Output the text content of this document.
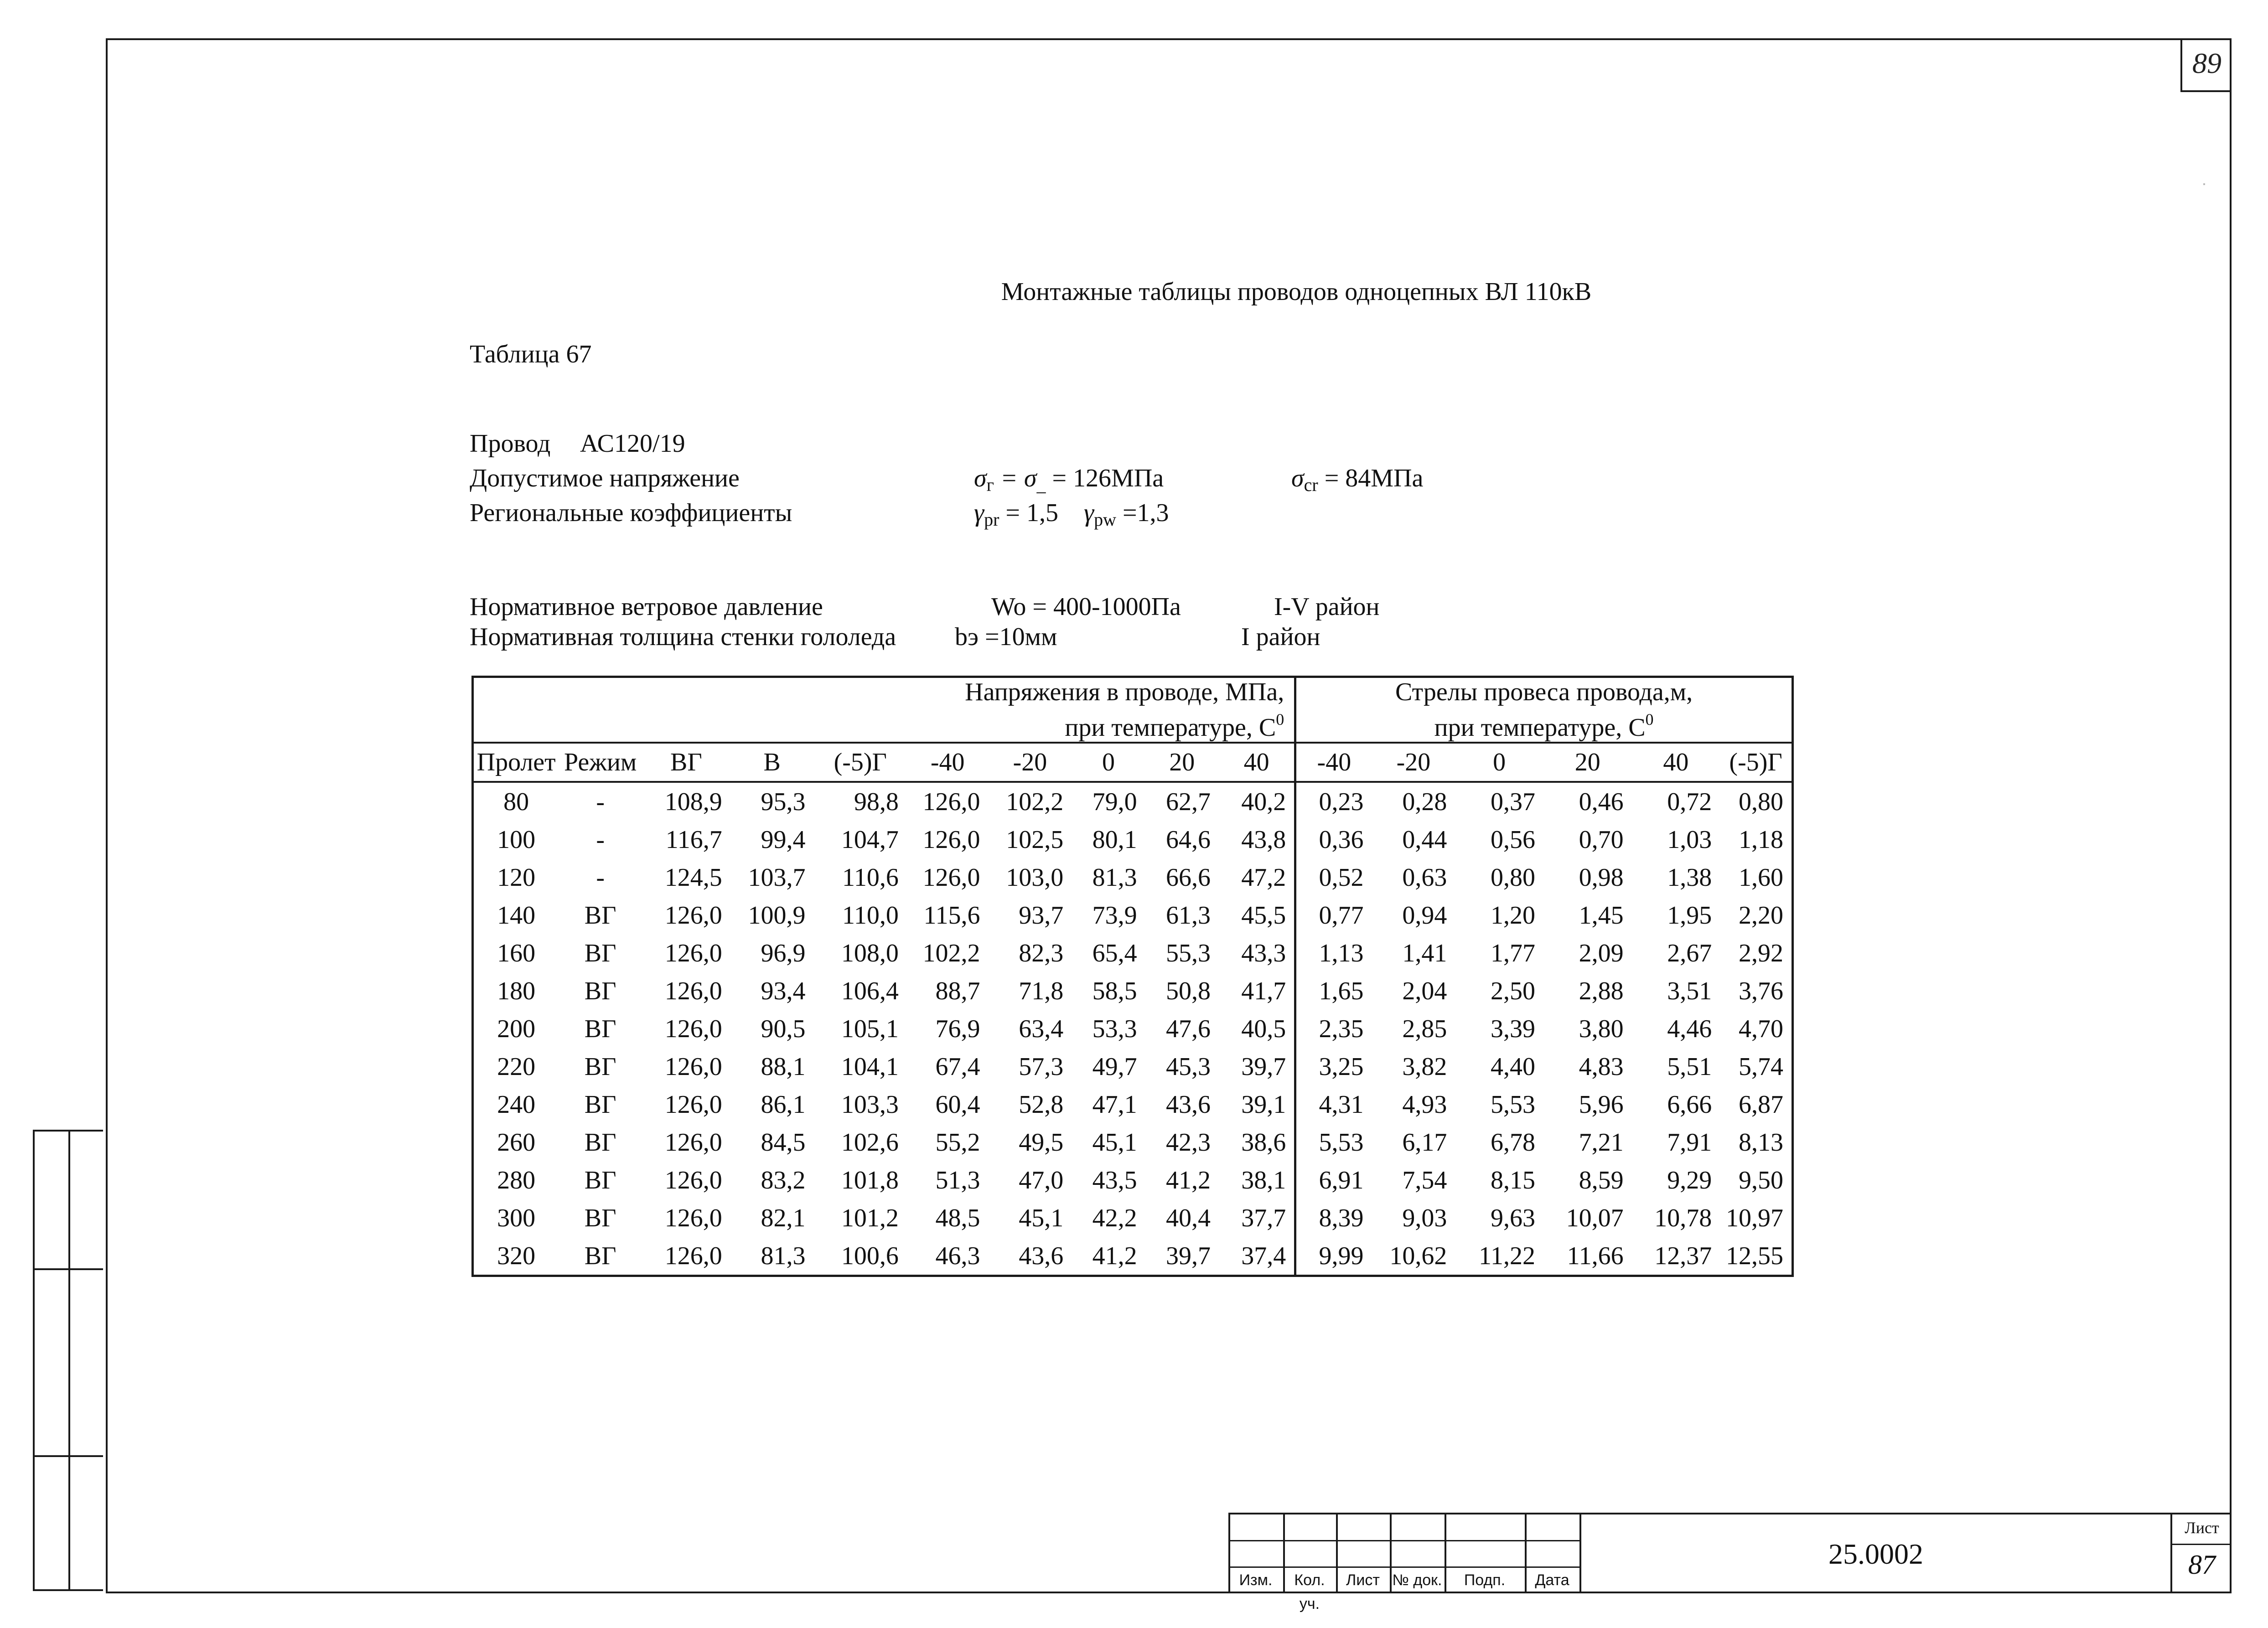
89
Монтажные таблицы проводов одноцепных ВЛ 110кВ
Таблица 67
Провод АС120/19
Допустимое напряжение	$\sigma_г = \sigma_{\_} = 126МПа$	$\sigma_{cr} = 84МПа$
Региональные коэффициенты	$\gamma_{pr} = 1,5$ $\gamma_{pw} =1,3$
Нормативное ветровое давление	Wo = 400-1000Па	I-V район
Нормативная толщина стенки гололеда bэ =10мм	I район
Напряжения в проводе, МПа,
при температуре, $С^0$										Стрелы провеса провода,м,
при температуре, $С^0$
Пролет	Режим	ВГ	В	(-5)Г	-40	-20	0	20	40	-40	-20	0	20	40	(-5)Г
80	-	108,9	95,3	98,8	126,0	102,2	79,0	62,7	40,2	0,23	0,28	0,37	0,46	0,72	0,80
100	-	116,7	99,4	104,7	126,0	102,5	80,1	64,6	43,8	0,36	0,44	0,56	0,70	1,03	1,18
120	-	124,5	103,7	110,6	126,0	103,0	81,3	66,6	47,2	0,52	0,63	0,80	0,98	1,38	1,60
140	ВГ	126,0	100,9	110,0	115,6	93,7	73,9	61,3	45,5	0,77	0,94	1,20	1,45	1,95	2,20
160	ВГ	126,0	96,9	108,0	102,2	82,3	65,4	55,3	43,3	1,13	1,41	1,77	2,09	2,67	2,92
180	ВГ	126,0	93,4	106,4	88,7	71,8	58,5	50,8	41,7	1,65	2,04	2,50	2,88	3,51	3,76
200	ВГ	126,0	90,5	105,1	76,9	63,4	53,3	47,6	40,5	2,35	2,85	3,39	3,80	4,46	4,70
220	ВГ	126,0	88,1	104,1	67,4	57,3	49,7	45,3	39,7	3,25	3,82	4,40	4,83	5,51	5,74
240	ВГ	126,0	86,1	103,3	60,4	52,8	47,1	43,6	39,1	4,31	4,93	5,53	5,96	6,66	6,87
260	ВГ	126,0	84,5	102,6	55,2	49,5	45,1	42,3	38,6	5,53	6,17	6,78	7,21	7,91	8,13
280	ВГ	126,0	83,2	101,8	51,3	47,0	43,5	41,2	38,1	6,91	7,54	8,15	8,59	9,29	9,50
300	ВГ	126,0	82,1	101,2	48,5	45,1	42,2	40,4	37,7	8,39	9,03	9,63	10,07	10,78	10,97
320	ВГ	126,0	81,3	100,6	46,3	43,6	41,2	39,7	37,4	9,99	10,62	11,22	11,66	12,37	12,55
Изм.	Кол. уч.
Лист № док.	Подп.	Дата
25.0002
Лист
87
